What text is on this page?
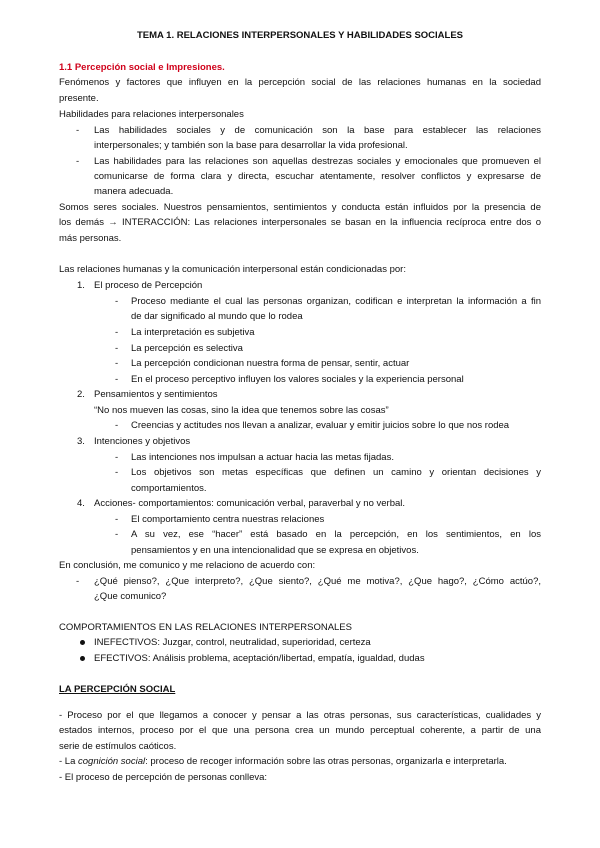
TEMA 1. RELACIONES INTERPERSONALES Y HABILIDADES SOCIALES
1.1 Percepción social e Impresiones.
Fenómenos y factores que influyen en la percepción social de las relaciones humanas en la sociedad
presente.
Habilidades para relaciones interpersonales
- Las habilidades sociales y de comunicación son la base para establecer las relaciones
interpersonales; y también son la base para desarrollar la vida profesional.
- Las habilidades para las relaciones son aquellas destrezas sociales y emocionales que promueven el
comunicarse de forma clara y directa, escuchar atentamente, resolver conflictos y expresarse de
manera adecuada.
Somos seres sociales. Nuestros pensamientos, sentimientos y conducta están influidos por la presencia de
los demás → INTERACCIÓN: Las relaciones interpersonales se basan en la influencia recíproca entre dos o
más personas.
Las relaciones humanas y la comunicación interpersonal están condicionadas por:
1. El proceso de Percepción
- Proceso mediante el cual las personas organizan, codifican e interpretan la información a fin
de dar significado al mundo que lo rodea
- La interpretación es subjetiva
- La percepción es selectiva
- La percepción condicionan nuestra forma de pensar, sentir, actuar
- En el proceso perceptivo influyen los valores sociales y la experiencia personal
2. Pensamientos y sentimientos
“No nos mueven las cosas, sino la idea que tenemos sobre las cosas”
- Creencias y actitudes nos llevan a analizar, evaluar y emitir juicios sobre lo que nos rodea
3. Intenciones y objetivos
- Las intenciones nos impulsan a actuar hacia las metas fijadas.
- Los objetivos son metas específicas que definen un camino y orientan decisiones y
comportamientos.
4. Acciones- comportamientos: comunicación verbal, paraverbal y no verbal.
- El comportamiento centra nuestras relaciones
- A su vez, ese “hacer” está basado en la percepción, en los sentimientos, en los
pensamientos y en una intencionalidad que se expresa en objetivos.
En conclusión, me comunico y me relaciono de acuerdo con:
- ¿Qué pienso?, ¿Que interpreto?, ¿Que siento?, ¿Qué me motiva?, ¿Que hago?, ¿Cómo actúo?,
¿Que comunico?
COMPORTAMIENTOS EN LAS RELACIONES INTERPERSONALES
INEFECTIVOS: Juzgar, control, neutralidad, superioridad, certeza
EFECTIVOS: Análisis problema, aceptación/libertad, empatía, igualdad, dudas
LA PERCEPCIÓN SOCIAL
- Proceso por el que llegamos a conocer y pensar a las otras personas, sus características, cualidades y
estados internos, proceso por el que una persona crea un mundo perceptual coherente, a partir de una
serie de estímulos caóticos.
- La cognición social: proceso de recoger información sobre las otras personas, organizarla e interpretarla.
- El proceso de percepción de personas conlleva:
